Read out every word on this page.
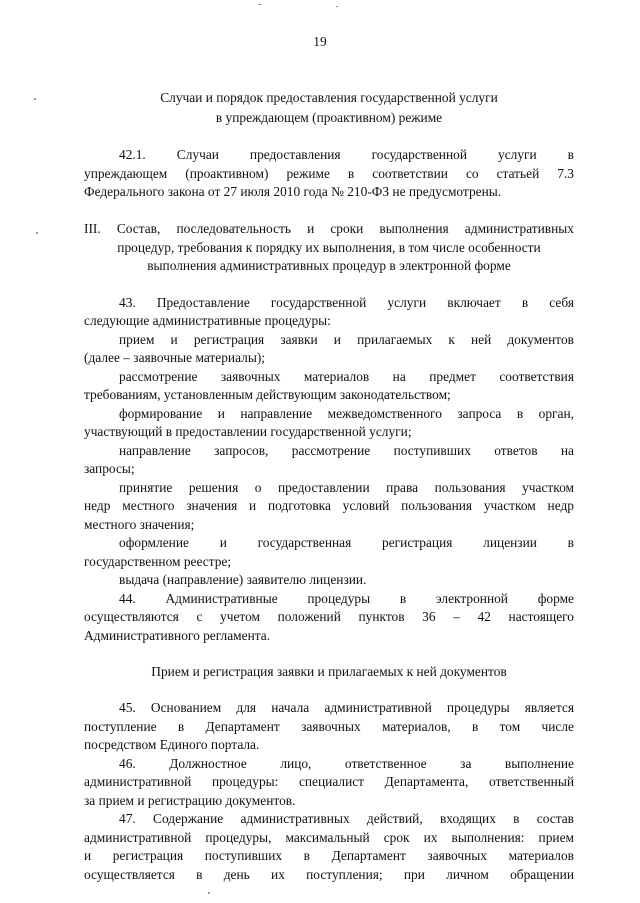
19
Случаи и порядок предоставления государственной услуги
в упреждающем (проактивном) режиме
42.1. Случаи предоставления государственной услуги в
упреждающем (проактивном) режиме в соответствии со статьей 7.3
Федерального закона от 27 июля 2010 года № 210-ФЗ не предусмотрены.
III. Состав, последовательность и сроки выполнения административных
процедур, требования к порядку их выполнения, в том числе особенности
выполнения административных процедур в электронной форме
43. Предоставление государственной услуги включает в себя
следующие административные процедуры:
прием и регистрация заявки и прилагаемых к ней документов
(далее – заявочные материалы);
рассмотрение заявочных материалов на предмет соответствия
требованиям, установленным действующим законодательством;
формирование и направление межведомственного запроса в орган,
участвующий в предоставлении государственной услуги;
направление запросов, рассмотрение поступивших ответов на
запросы;
принятие решения о предоставлении права пользования участком
недр местного значения и подготовка условий пользования участком недр
местного значения;
оформление и государственная регистрация лицензии в
государственном реестре;
выдача (направление) заявителю лицензии.
44. Административные процедуры в электронной форме
осуществляются с учетом положений пунктов 36 – 42 настоящего
Административного регламента.
Прием и регистрация заявки и прилагаемых к ней документов
45. Основанием для начала административной процедуры является
поступление в Департамент заявочных материалов, в том числе
посредством Единого портала.
46. Должностное лицо, ответственное за выполнение
административной процедуры: специалист Департамента, ответственный
за прием и регистрацию документов.
47. Содержание административных действий, входящих в состав
административной процедуры, максимальный срок их выполнения: прием
и регистрация поступивших в Департамент заявочных материалов
осуществляется в день их поступления; при личном обращении
